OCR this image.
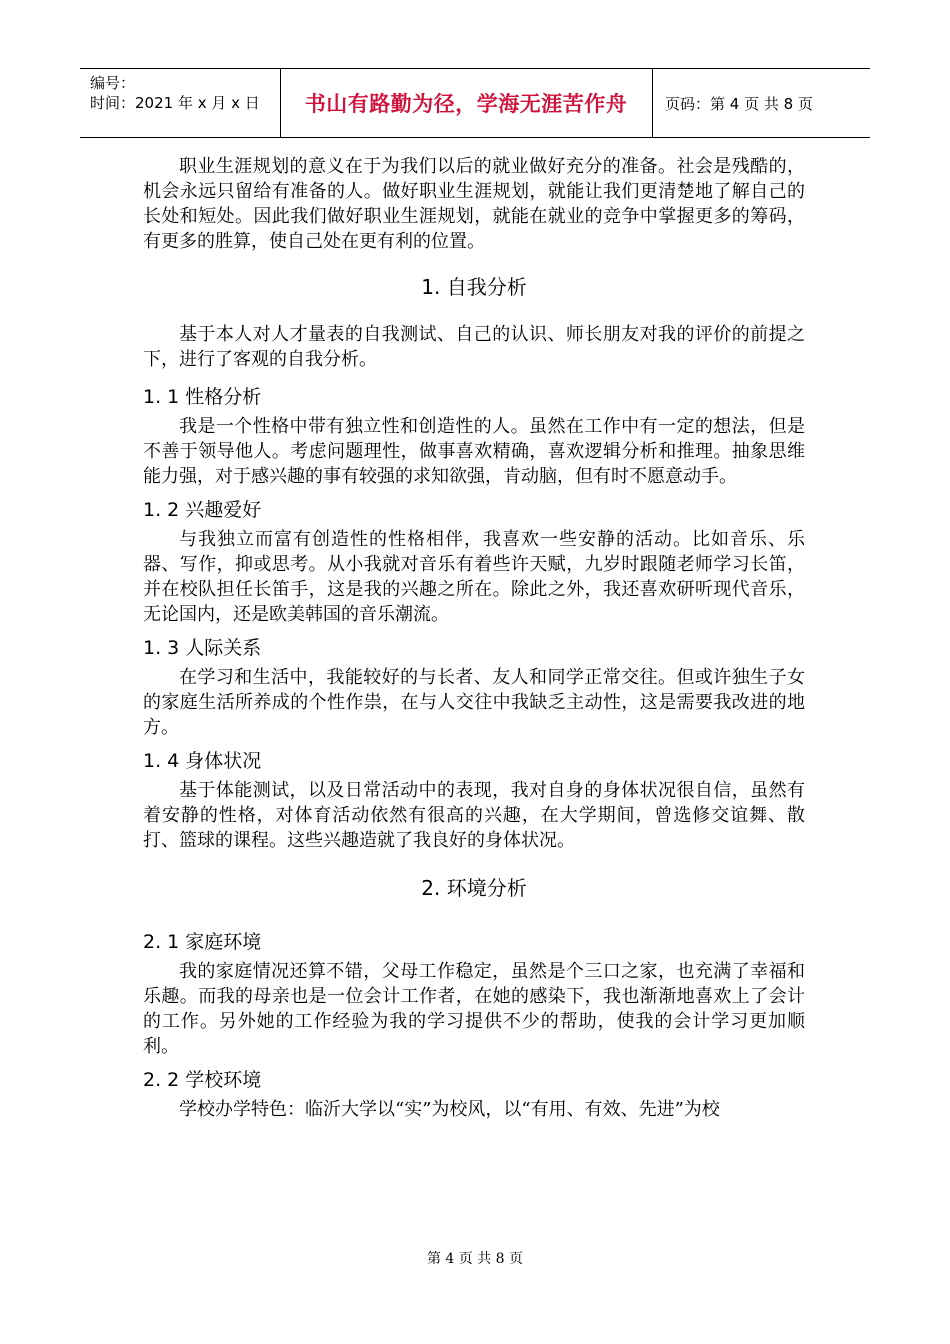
编号：
时间：2021 年 x 月 x 日 书山有路勤为径，学海无涯苦作舟	页码：第 4 页 共 8 页

职业生涯规划的意义在于为我们以后的就业做好充分的准备。社会是残酷的，机会永远只留给有准备的人。做好职业生涯规划，就能让我们更清楚地了解自己的长处和短处。因此我们做好职业生涯规划，就能在就业的竞争中掌握更多的筹码，有更多的胜算，使自己处在更有利的位置。

1. 自我分析

基于本人对人才量表的自我测试、自己的认识、师长朋友对我的评价的前提之下，进行了客观的自我分析。

1. 1 性格分析

我是一个性格中带有独立性和创造性的人。虽然在工作中有一定的想法，但是不善于领导他人。考虑问题理性，做事喜欢精确，喜欢逻辑分析和推理。抽象思维能力强，对于感兴趣的事有较强的求知欲强，肯动脑，但有时不愿意动手。

1. 2 兴趣爱好

与我独立而富有创造性的性格相伴，我喜欢一些安静的活动。比如音乐、乐器、写作，抑或思考。从小我就对音乐有着些许天赋，九岁时跟随老师学习长笛，并在校队担任长笛手，这是我的兴趣之所在。除此之外，我还喜欢研听现代音乐，无论国内，还是欧美韩国的音乐潮流。

1. 3 人际关系

在学习和生活中，我能较好的与长者、友人和同学正常交往。但或许独生子女的家庭生活所养成的个性作祟，在与人交往中我缺乏主动性，这是需要我改进的地方。

1. 4 身体状况

基于体能测试，以及日常活动中的表现，我对自身的身体状况很自信，虽然有着安静的性格，对体育活动依然有很高的兴趣，在大学期间，曾选修交谊舞、散打、篮球的课程。这些兴趣造就了我良好的身体状况。

2. 环境分析
2. 1 家庭环境

我的家庭情况还算不错，父母工作稳定，虽然是个三口之家，也充满了幸福和乐趣。而我的母亲也是一位会计工作者，在她的感染下，我也渐渐地喜欢上了会计的工作。另外她的工作经验为我的学习提供不少的帮助，使我的会计学习更加顺利。

2. 2 学校环境

学校办学特色：临沂大学以“实”为校风，以“有用、有效、先进”为校

第 4 页 共 8 页
